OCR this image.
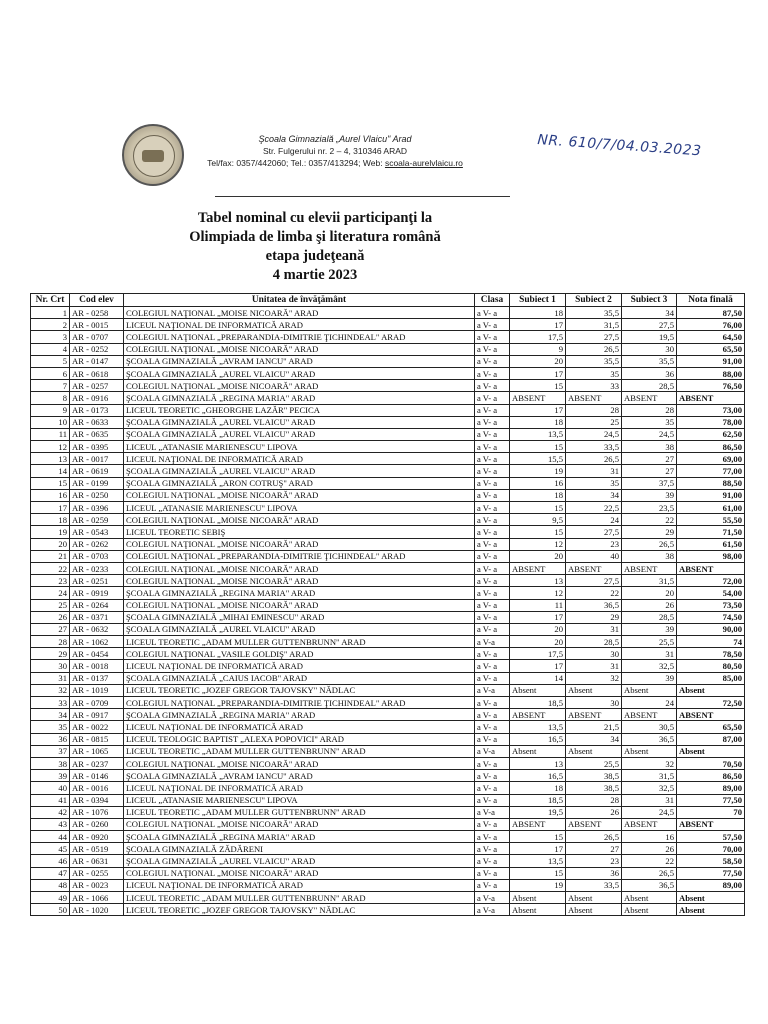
Şcoala Gimnazială „Aurel Vlaicu" Arad
Str. Fulgerului nr. 2 – 4, 310346 ARAD
Tel/fax: 0357/442060; Tel.: 0357/413294; Web: scoala-aurelvlaicu.ro
NR. 610/7/04.03.2023
Tabel nominal cu elevii participanţi la
Olimpiada de limba şi literatura română
etapa judeţeană
4 martie 2023
Nr. Crt	Cod elev	Unitatea de învăţământ	Clasa	Subiect 1	Subiect 2	Subiect 3	Nota finală
1	AR - 0258	COLEGIUL NAŢIONAL „MOISE NICOARĂ" ARAD	a V- a	18	35,5	34	87,50
2	AR - 0015	LICEUL NAŢIONAL DE INFORMATICĂ ARAD	a V- a	17	31,5	27,5	76,00
3	AR - 0707	COLEGIUL NAŢIONAL „PREPARANDIA-DIMITRIE ŢICHINDEAL" ARAD	a V- a	17,5	27,5	19,5	64,50
4	AR - 0252	COLEGIUL NAŢIONAL „MOISE NICOARĂ" ARAD	a V- a	9	26,5	30	65,50
5	AR - 0147	ŞCOALA GIMNAZIALĂ „AVRAM IANCU" ARAD	a V- a	20	35,5	35,5	91,00
6	AR - 0618	ŞCOALA GIMNAZIALĂ „AUREL VLAICU" ARAD	a V- a	17	35	36	88,00
7	AR - 0257	COLEGIUL NAŢIONAL „MOISE NICOARĂ" ARAD	a V- a	15	33	28,5	76,50
8	AR - 0916	ŞCOALA GIMNAZIALĂ „REGINA MARIA" ARAD	a V- a	ABSENT	ABSENT	ABSENT	ABSENT
9	AR - 0173	LICEUL TEORETIC „GHEORGHE LAZĂR" PECICA	a V- a	17	28	28	73,00
10	AR - 0633	ŞCOALA GIMNAZIALĂ „AUREL VLAICU" ARAD	a V- a	18	25	35	78,00
11	AR - 0635	ŞCOALA GIMNAZIALĂ „AUREL VLAICU" ARAD	a V- a	13,5	24,5	24,5	62,50
12	AR - 0395	LICEUL „ATANASIE MARIENESCU" LIPOVA	a V- a	15	33,5	38	86,50
13	AR - 0017	LICEUL NAŢIONAL DE INFORMATICĂ ARAD	a V- a	15,5	26,5	27	69,00
14	AR - 0619	ŞCOALA GIMNAZIALĂ „AUREL VLAICU" ARAD	a V- a	19	31	27	77,00
15	AR - 0199	ŞCOALA GIMNAZIALĂ „ARON COTRUŞ" ARAD	a V- a	16	35	37,5	88,50
16	AR - 0250	COLEGIUL NAŢIONAL „MOISE NICOARĂ" ARAD	a V- a	18	34	39	91,00
17	AR - 0396	LICEUL „ATANASIE MARIENESCU" LIPOVA	a V- a	15	22,5	23,5	61,00
18	AR - 0259	COLEGIUL NAŢIONAL „MOISE NICOARĂ" ARAD	a V- a	9,5	24	22	55,50
19	AR - 0543	LICEUL TEORETIC SEBIŞ	a V- a	15	27,5	29	71,50
20	AR - 0262	COLEGIUL NAŢIONAL „MOISE NICOARĂ" ARAD	a V- a	12	23	26,5	61,50
21	AR - 0703	COLEGIUL NAŢIONAL „PREPARANDIA-DIMITRIE ŢICHINDEAL" ARAD	a V- a	20	40	38	98,00
22	AR - 0233	COLEGIUL NAŢIONAL „MOISE NICOARĂ" ARAD	a V- a	ABSENT	ABSENT	ABSENT	ABSENT
23	AR - 0251	COLEGIUL NAŢIONAL „MOISE NICOARĂ" ARAD	a V- a	13	27,5	31,5	72,00
24	AR - 0919	ŞCOALA GIMNAZIALĂ „REGINA MARIA" ARAD	a V- a	12	22	20	54,00
25	AR - 0264	COLEGIUL NAŢIONAL „MOISE NICOARĂ" ARAD	a V- a	11	36,5	26	73,50
26	AR - 0371	ŞCOALA GIMNAZIALĂ „MIHAI EMINESCU" ARAD	a V- a	17	29	28,5	74,50
27	AR - 0632	ŞCOALA GIMNAZIALĂ „AUREL VLAICU" ARAD	a V- a	20	31	39	90,00
28	AR - 1062	LICEUL TEORETIC „ADAM MULLER GUTTENBRUNN" ARAD	a V-a	20	28,5	25,5	74
29	AR - 0454	COLEGIUL NAŢIONAL „VASILE GOLDIŞ" ARAD	a V- a	17,5	30	31	78,50
30	AR - 0018	LICEUL NAŢIONAL DE INFORMATICĂ ARAD	a V- a	17	31	32,5	80,50
31	AR - 0137	ŞCOALA GIMNAZIALĂ „CAIUS IACOB" ARAD	a V- a	14	32	39	85,00
32	AR - 1019	LICEUL TEORETIC „JOZEF GREGOR TAJOVSKY" NĂDLAC	a V-a	Absent	Absent	Absent	Absent
33	AR - 0709	COLEGIUL NAŢIONAL „PREPARANDIA-DIMITRIE ŢICHINDEAL" ARAD	a V- a	18,5	30	24	72,50
34	AR - 0917	ŞCOALA GIMNAZIALĂ „REGINA MARIA" ARAD	a V- a	ABSENT	ABSENT	ABSENT	ABSENT
35	AR - 0022	LICEUL NAŢIONAL DE INFORMATICĂ ARAD	a V- a	13,5	21,5	30,5	65,50
36	AR - 0815	LICEUL TEOLOGIC BAPTIST „ALEXA POPOVICI" ARAD	a V- a	16,5	34	36,5	87,00
37	AR - 1065	LICEUL TEORETIC „ADAM MULLER GUTTENBRUNN" ARAD	a V-a	Absent	Absent	Absent	Absent
38	AR - 0237	COLEGIUL NAŢIONAL „MOISE NICOARĂ" ARAD	a V- a	13	25,5	32	70,50
39	AR - 0146	ŞCOALA GIMNAZIALĂ „AVRAM IANCU" ARAD	a V- a	16,5	38,5	31,5	86,50
40	AR - 0016	LICEUL NAŢIONAL DE INFORMATICĂ ARAD	a V- a	18	38,5	32,5	89,00
41	AR - 0394	LICEUL „ATANASIE MARIENESCU" LIPOVA	a V- a	18,5	28	31	77,50
42	AR - 1076	LICEUL TEORETIC „ADAM MULLER GUTTENBRUNN" ARAD	a V-a	19,5	26	24,5	70
43	AR - 0260	COLEGIUL NAŢIONAL „MOISE NICOARĂ" ARAD	a V- a	ABSENT	ABSENT	ABSENT	ABSENT
44	AR - 0920	ŞCOALA GIMNAZIALĂ „REGINA MARIA" ARAD	a V- a	15	26,5	16	57,50
45	AR - 0519	ŞCOALA GIMNAZIALĂ ZĂDĂRENI	a V- a	17	27	26	70,00
46	AR - 0631	ŞCOALA GIMNAZIALĂ „AUREL VLAICU" ARAD	a V- a	13,5	23	22	58,50
47	AR - 0255	COLEGIUL NAŢIONAL „MOISE NICOARĂ" ARAD	a V- a	15	36	26,5	77,50
48	AR - 0023	LICEUL NAŢIONAL DE INFORMATICĂ ARAD	a V- a	19	33,5	36,5	89,00
49	AR - 1066	LICEUL TEORETIC „ADAM MULLER GUTTENBRUNN" ARAD	a V-a	Absent	Absent	Absent	Absent
50	AR - 1020	LICEUL TEORETIC „JOZEF GREGOR TAJOVSKY" NĂDLAC	a V-a	Absent	Absent	Absent	Absent
